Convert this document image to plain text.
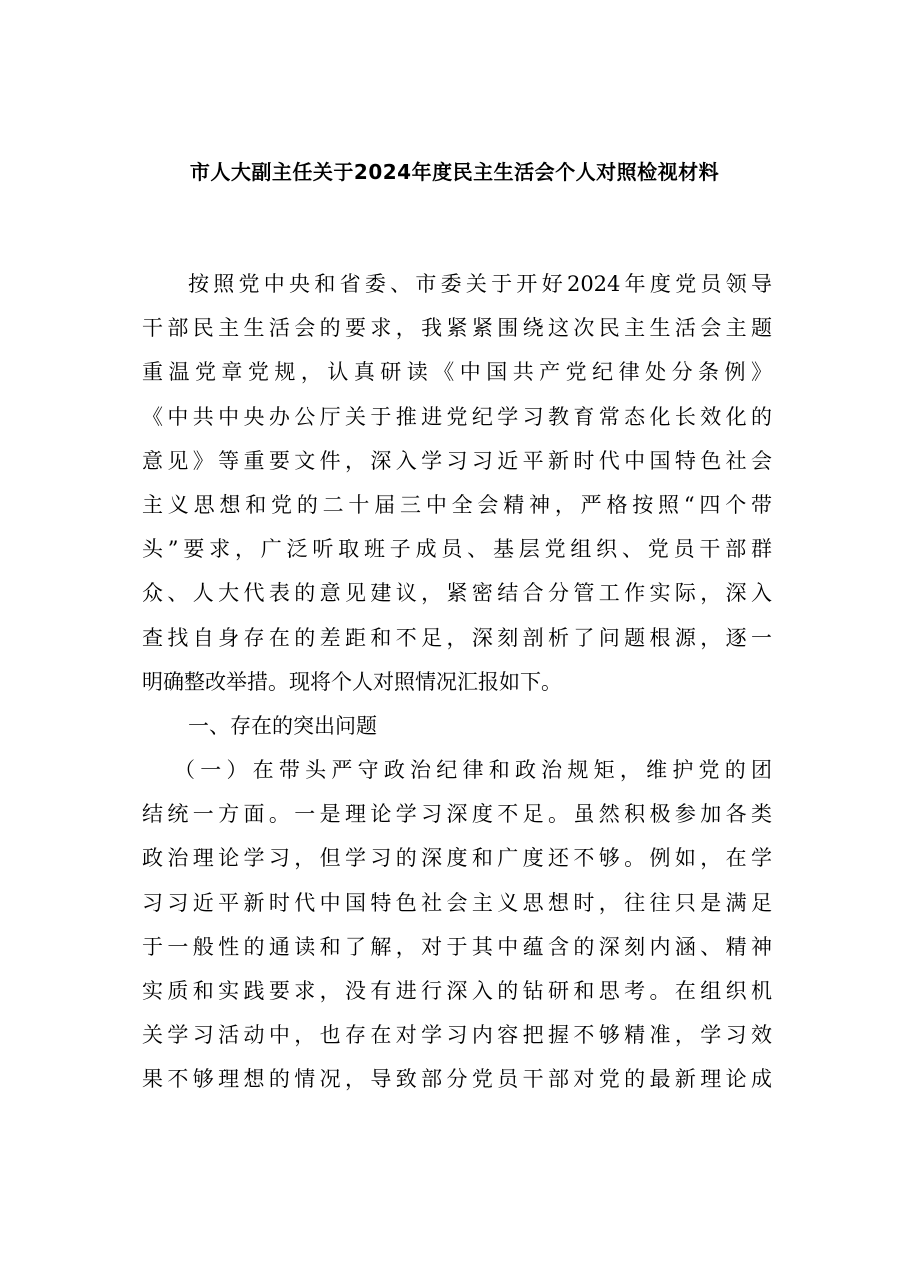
市人大副主任关于2024年度民主生活会个人对照检视材料
按照党中央和省委、市委关于开好2024年度党员领导
干部民主生活会的要求，我紧紧围绕这次民主生活会主题
重温党章党规，认真研读《中国共产党纪律处分条例》
《中共中央办公厅关于推进党纪学习教育常态化长效化的
意见》等重要文件，深入学习习近平新时代中国特色社会
主义思想和党的二十届三中全会精神，严格按照“四个带
头”要求，广泛听取班子成员、基层党组织、党员干部群
众、人大代表的意见建议，紧密结合分管工作实际，深入
查找自身存在的差距和不足，深刻剖析了问题根源，逐一
明确整改举措。现将个人对照情况汇报如下。
一、存在的突出问题
（一）在带头严守政治纪律和政治规矩，维护党的团
结统一方面。一是理论学习深度不足。虽然积极参加各类
政治理论学习，但学习的深度和广度还不够。例如，在学
习习近平新时代中国特色社会主义思想时，往往只是满足
于一般性的通读和了解，对于其中蕴含的深刻内涵、精神
实质和实践要求，没有进行深入的钻研和思考。在组织机
关学习活动中，也存在对学习内容把握不够精准，学习效
果不够理想的情况，导致部分党员干部对党的最新理论成
